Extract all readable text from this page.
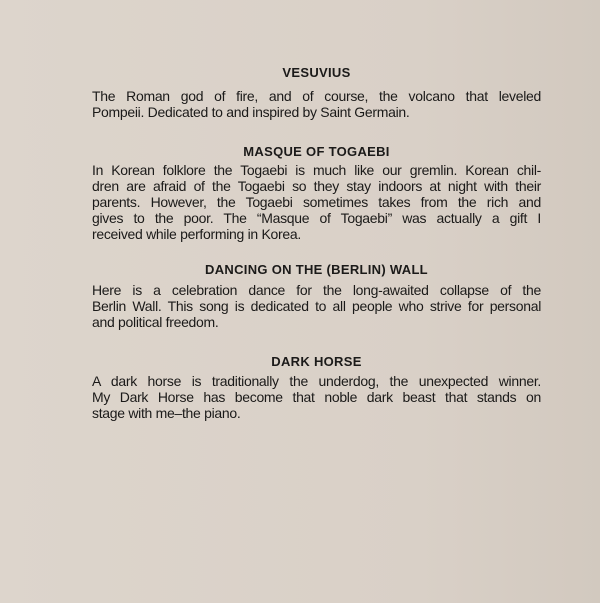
VESUVIUS
The Roman god of fire, and of course, the volcano that leveled
Pompeii. Dedicated to and inspired by Saint Germain.
MASQUE OF TOGAEBI
In Korean folklore the Togaebi is much like our gremlin. Korean chil-
dren are afraid of the Togaebi so they stay indoors at night with their
parents. However, the Togaebi sometimes takes from the rich and
gives to the poor. The “Masque of Togaebi” was actually a gift I
received while performing in Korea.
DANCING ON THE (BERLIN) WALL
Here is a celebration dance for the long-awaited collapse of the
Berlin Wall. This song is dedicated to all people who strive for personal
and political freedom.
DARK HORSE
A dark horse is traditionally the underdog, the unexpected winner.
My Dark Horse has become that noble dark beast that stands on
stage with me–the piano.
